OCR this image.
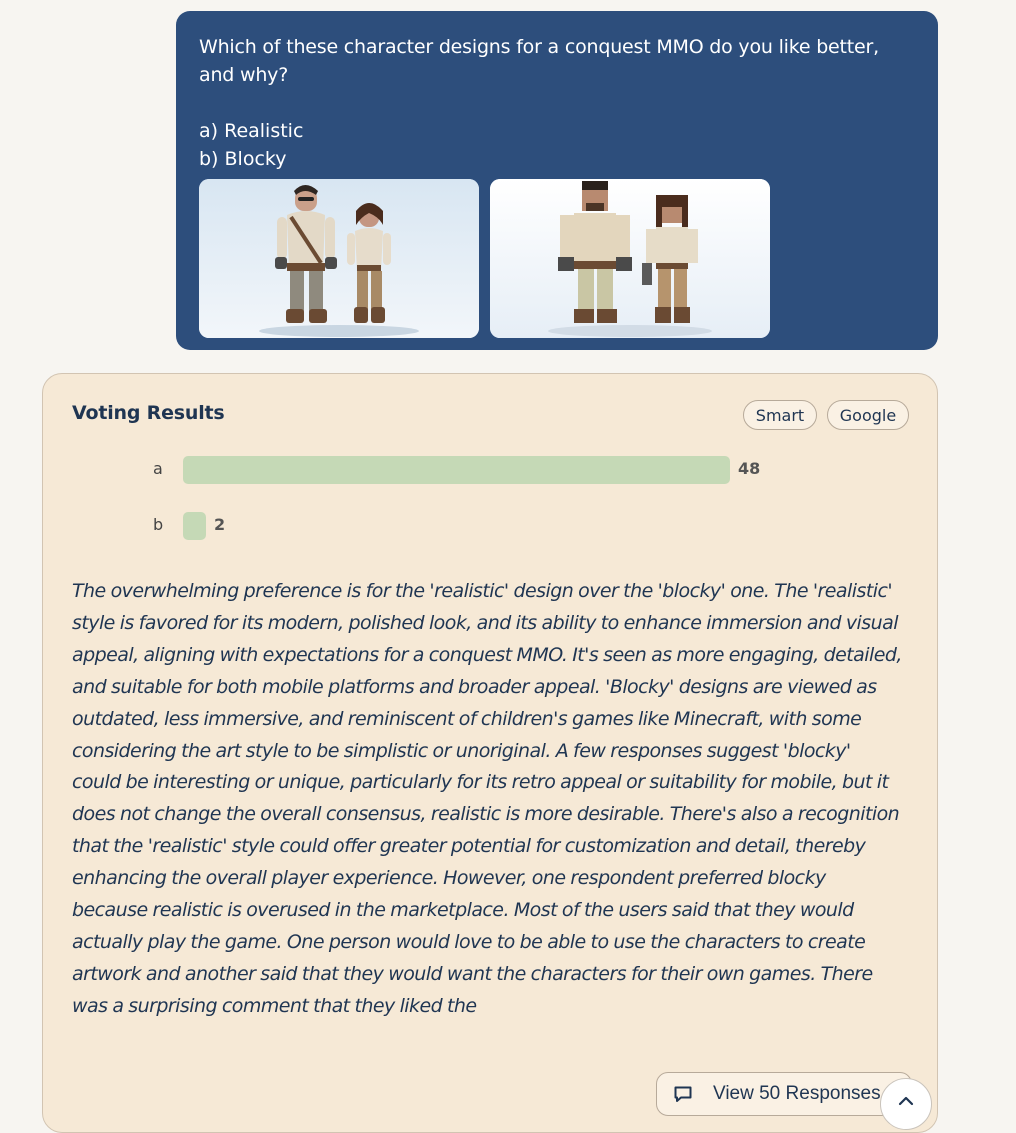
Which of these character designs for a conquest MMO do you like better, and why?

a) Realistic
b) Blocky
Voting Results	Smart	Google
a	48
b	2

The overwhelming preference is for the 'realistic' design over the 'blocky' one. The 'realistic' style is favored for its modern, polished look, and its ability to enhance immersion and visual appeal, aligning with expectations for a conquest MMO. It's seen as more engaging, detailed, and suitable for both mobile platforms and broader appeal. 'Blocky' designs are viewed as outdated, less immersive, and reminiscent of children's games like Minecraft, with some considering the art style to be simplistic or unoriginal. A few responses suggest 'blocky' could be interesting or unique, particularly for its retro appeal or suitability for mobile, but it does not change the overall consensus, realistic is more desirable. There's also a recognition that the 'realistic' style could offer greater potential for customization and detail, thereby enhancing the overall player experience. However, one respondent preferred blocky because realistic is overused in the marketplace. Most of the users said that they would actually play the game. One person would love to be able to use the characters to create artwork and another said that they would want the characters for their own games. There was a surprising comment that they liked the

View 50 Responses
